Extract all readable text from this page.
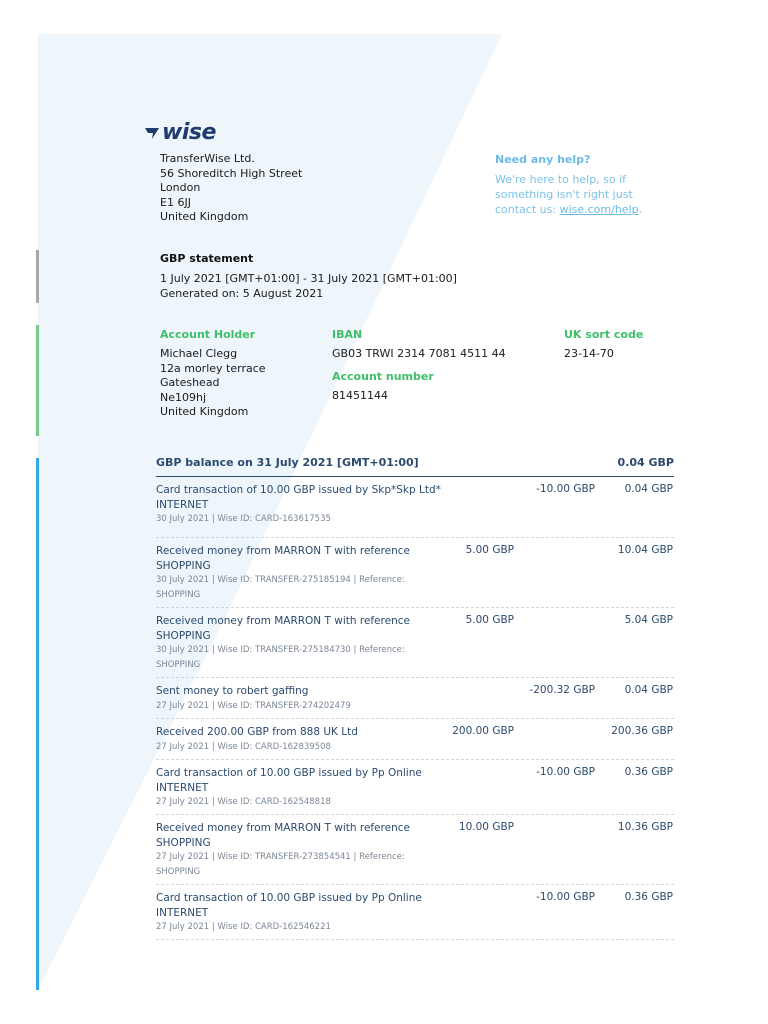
wise
TransferWise Ltd.
56 Shoreditch High Street
London
E1 6JJ
United Kingdom
Need any help?
We're here to help, so if something isn't right just contact us: wise.com/help.
GBP statement
1 July 2021 [GMT+01:00] - 31 July 2021 [GMT+01:00]
Generated on: 5 August 2021
Account Holder
Michael Clegg
12a morley terrace
Gateshead
Ne109hj
United Kingdom
IBAN
GB03 TRWI 2314 7081 4511 44
Account number
81451144
UK sort code
23-14-70
GBP balance on 31 July 2021 [GMT+01:00]	0.04 GBP
Card transaction of 10.00 GBP issued by Skp*Skp Ltd* INTERNET
30 July 2021 | Wise ID: CARD-163617535
-10.00 GBP	0.04 GBP
Received money from MARRON T with reference SHOPPING
30 July 2021 | Wise ID: TRANSFER-275185194 | Reference: SHOPPING
5.00 GBP	10.04 GBP
Received money from MARRON T with reference SHOPPING
30 July 2021 | Wise ID: TRANSFER-275184730 | Reference: SHOPPING
5.00 GBP	5.04 GBP
Sent money to robert gaffing
27 July 2021 | Wise ID: TRANSFER-274202479
-200.32 GBP	0.04 GBP
Received 200.00 GBP from 888 UK Ltd
27 July 2021 | Wise ID: CARD-162839508
200.00 GBP	200.36 GBP
Card transaction of 10.00 GBP issued by Pp Online INTERNET
27 July 2021 | Wise ID: CARD-162548818
-10.00 GBP	0.36 GBP
Received money from MARRON T with reference SHOPPING
27 July 2021 | Wise ID: TRANSFER-273854541 | Reference: SHOPPING
10.00 GBP	10.36 GBP
Card transaction of 10.00 GBP issued by Pp Online INTERNET
27 July 2021 | Wise ID: CARD-162546221
-10.00 GBP	0.36 GBP
